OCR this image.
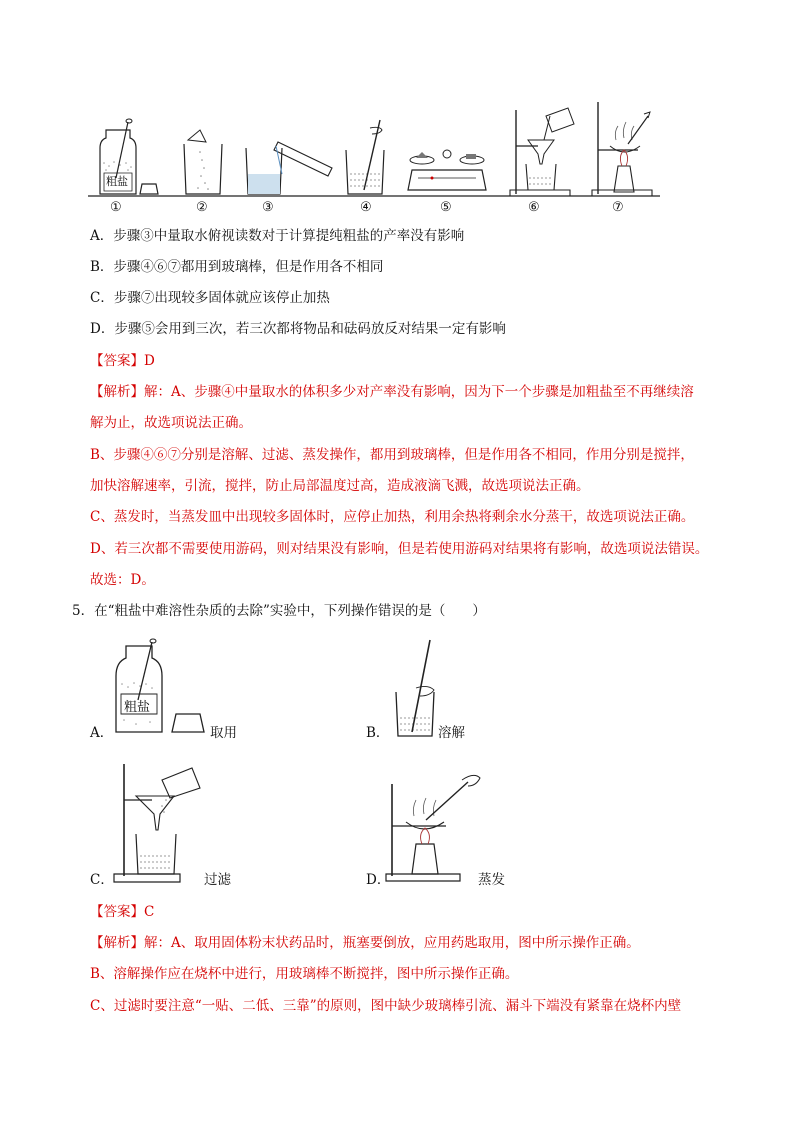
粗盐
①	②	③	④	⑤	⑥	⑦
A．步骤③中量取水俯视读数对于计算提纯粗盐的产率没有影响
B．步骤④⑥⑦都用到玻璃棒，但是作用各不相同
C．步骤⑦出现较多固体就应该停止加热
D．步骤⑤会用到三次，若三次都将物品和砝码放反对结果一定有影响
【答案】D
【解析】解：A、步骤④中量取水的体积多少对产率没有影响，因为下一个步骤是加粗盐至不再继续溶
解为止，故选项说法正确。
B、步骤④⑥⑦分别是溶解、过滤、蒸发操作，都用到玻璃棒，但是作用各不相同，作用分别是搅拌，
加快溶解速率，引流，搅拌，防止局部温度过高，造成液滴飞溅，故选项说法正确。
C、蒸发时，当蒸发皿中出现较多固体时，应停止加热，利用余热将剩余水分蒸干，故选项说法正确。
D、若三次都不需要使用游码，则对结果没有影响，但是若使用游码对结果将有影响，故选项说法错误。
故选：D。
5．在“粗盐中难溶性杂质的去除”实验中，下列操作错误的是（　　）
粗盐
A．	取用	B．	溶解
C．	过滤	D．	蒸发
【答案】C
【解析】解：A、取用固体粉末状药品时，瓶塞要倒放，应用药匙取用，图中所示操作正确。
B、溶解操作应在烧杯中进行，用玻璃棒不断搅拌，图中所示操作正确。
C、过滤时要注意“一贴、二低、三靠”的原则，图中缺少玻璃棒引流、漏斗下端没有紧靠在烧杯内壁
